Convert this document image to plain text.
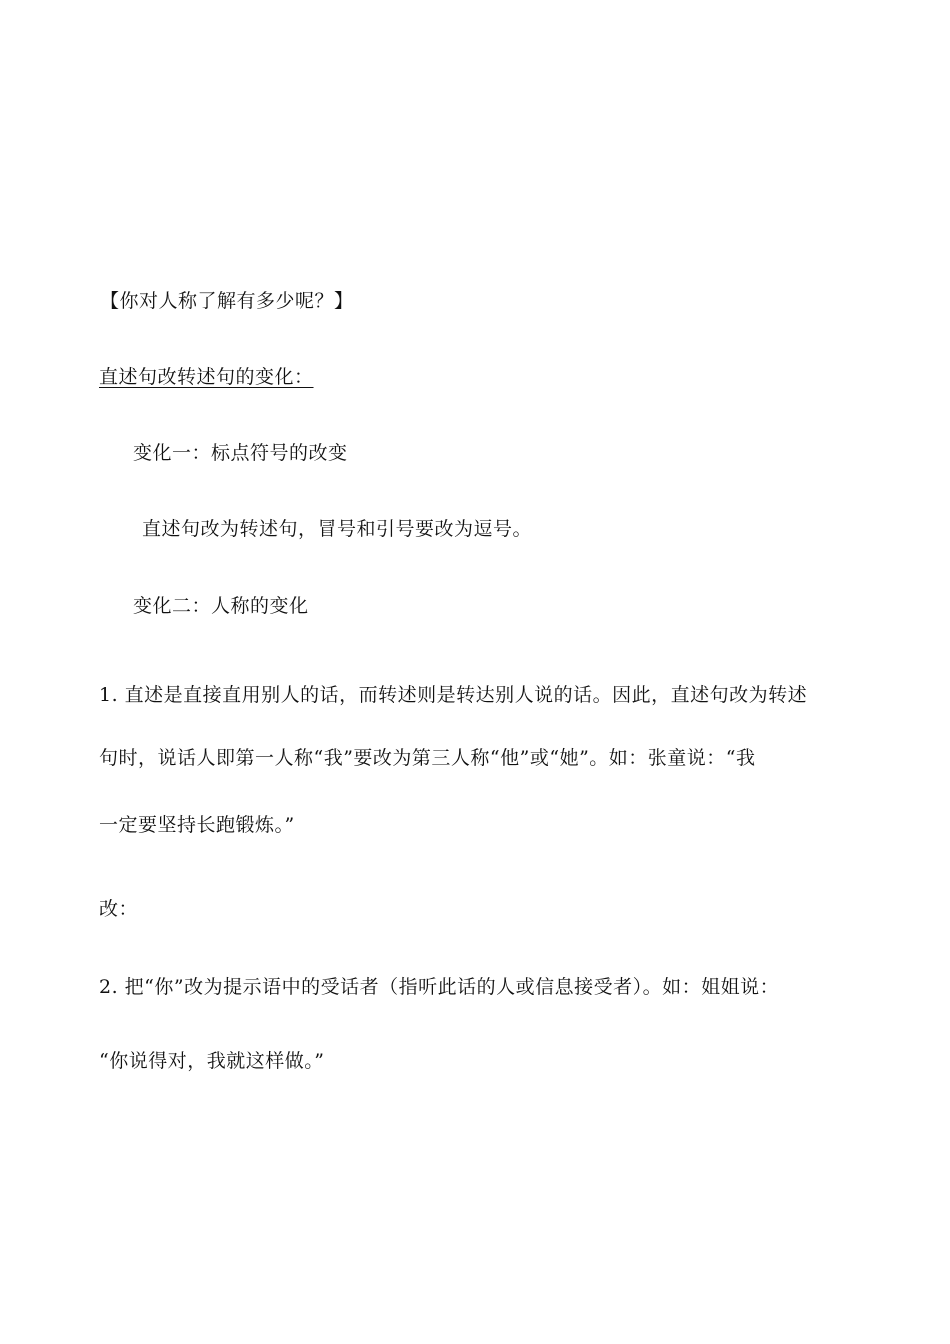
【你对人称了解有多少呢？】
直述句改转述句的变化：
变化一：标点符号的改变
直述句改为转述句，冒号和引号要改为逗号。
变化二：人称的变化
1. 直述是直接直用别人的话，而转述则是转达别人说的话。因此，直述句改为转述
句时，说话人即第一人称“我”要改为第三人称“他”或“她”。如：张童说：“我
一定要坚持长跑锻炼。”
改：
2. 把“你”改为提示语中的受话者（指听此话的人或信息接受者）。如：姐姐说：
“你说得对，我就这样做。”
